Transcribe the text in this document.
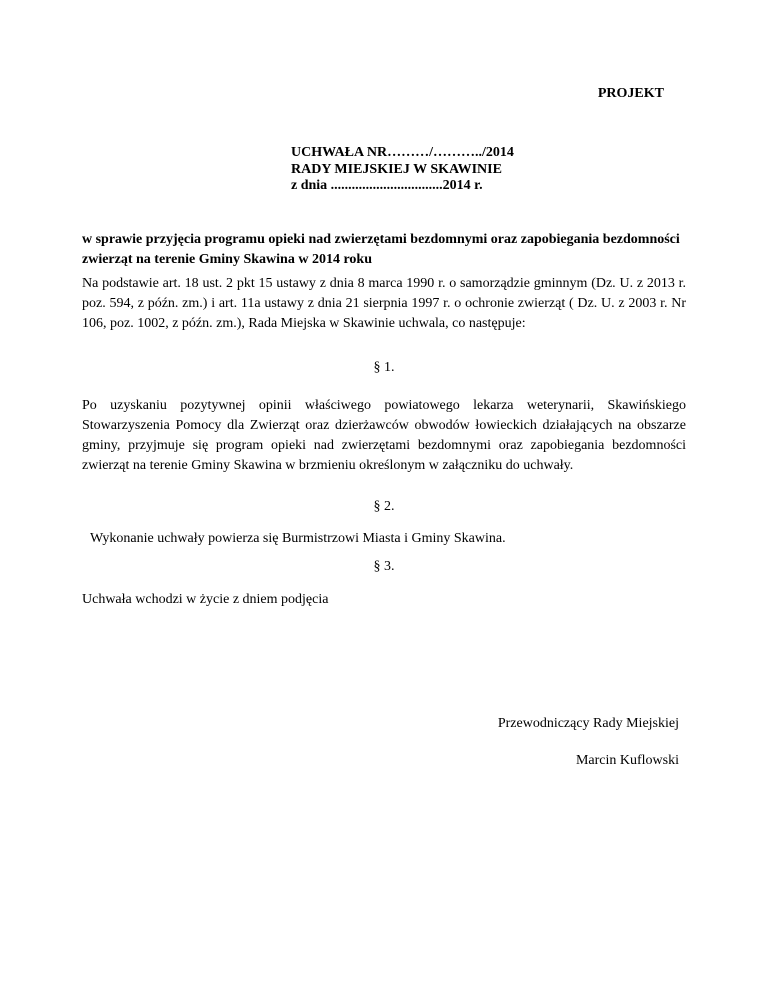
PROJEKT
UCHWAŁA NR………/………../2014
RADY MIEJSKIEJ W SKAWINIE
z dnia ................................2014 r.
w sprawie przyjęcia programu opieki nad zwierzętami bezdomnymi oraz zapobiegania bezdomności zwierząt na terenie Gminy Skawina w 2014 roku
Na podstawie art. 18 ust. 2 pkt 15 ustawy z dnia 8 marca 1990 r. o samorządzie gminnym (Dz. U. z 2013 r. poz. 594, z późn. zm.) i art. 11a ustawy z dnia 21 sierpnia 1997 r. o ochronie zwierząt ( Dz. U. z 2003 r. Nr 106, poz. 1002, z późn. zm.), Rada Miejska w Skawinie uchwala, co następuje:
§ 1.
Po uzyskaniu pozytywnej opinii właściwego powiatowego lekarza weterynarii, Skawińskiego Stowarzyszenia Pomocy dla Zwierząt oraz dzierżawców obwodów łowieckich działających na obszarze gminy, przyjmuje się program opieki nad zwierzętami bezdomnymi oraz zapobiegania bezdomności zwierząt na terenie Gminy Skawina w brzmieniu określonym w załączniku do uchwały.
§ 2.
Wykonanie uchwały powierza się Burmistrzowi Miasta i Gminy Skawina.
§ 3.
Uchwała wchodzi w życie z dniem podjęcia
Przewodniczący Rady Miejskiej
Marcin Kuflowski
